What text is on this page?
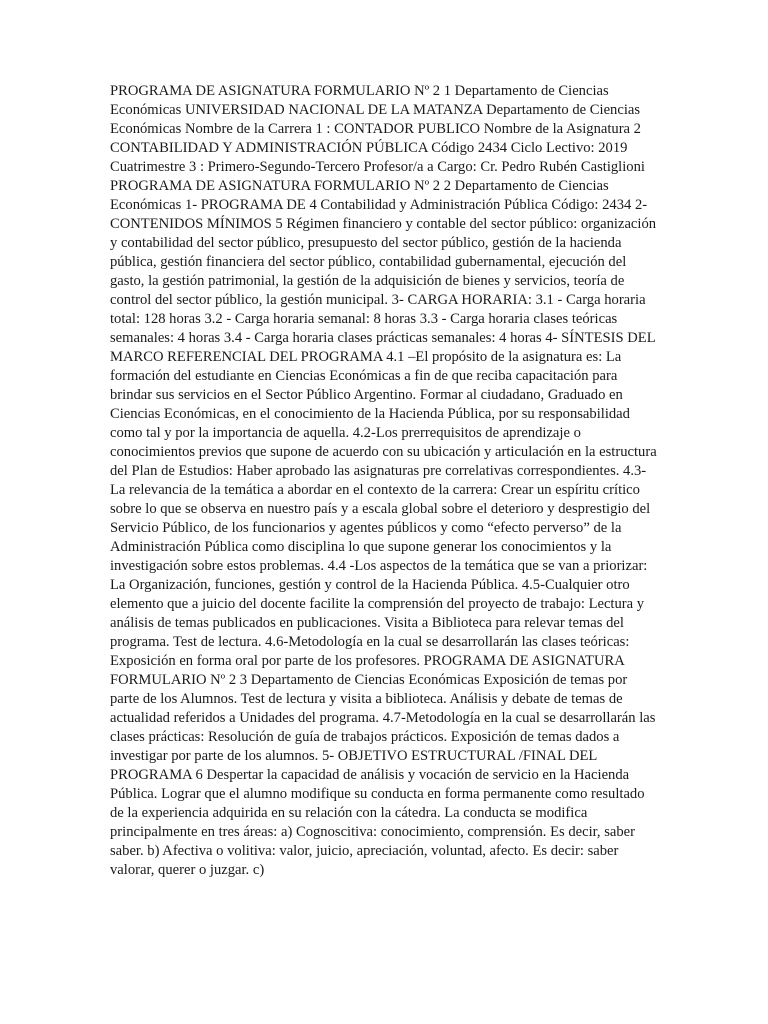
PROGRAMA DE ASIGNATURA FORMULARIO Nº 2 1 Departamento de Ciencias Económicas UNIVERSIDAD NACIONAL DE LA MATANZA Departamento de Ciencias Económicas Nombre de la Carrera 1 : CONTADOR PUBLICO Nombre de la Asignatura 2 CONTABILIDAD Y ADMINISTRACIÓN PÚBLICA Código 2434 Ciclo Lectivo: 2019 Cuatrimestre 3 : Primero-Segundo-Tercero Profesor/a a Cargo: Cr. Pedro Rubén Castiglioni PROGRAMA DE ASIGNATURA FORMULARIO Nº 2 2 Departamento de Ciencias Económicas 1- PROGRAMA DE 4 Contabilidad y Administración Pública Código: 2434 2- CONTENIDOS MÍNIMOS 5 Régimen financiero y contable del sector público: organización y contabilidad del sector público, presupuesto del sector público, gestión de la hacienda pública, gestión financiera del sector público, contabilidad gubernamental, ejecución del gasto, la gestión patrimonial, la gestión de la adquisición de bienes y servicios, teoría de control del sector público, la gestión municipal. 3- CARGA HORARIA: 3.1 - Carga horaria total: 128 horas 3.2 - Carga horaria semanal: 8 horas 3.3 - Carga horaria clases teóricas semanales: 4 horas 3.4 - Carga horaria clases prácticas semanales: 4 horas 4- SÍNTESIS DEL MARCO REFERENCIAL DEL PROGRAMA 4.1 –El propósito de la asignatura es: La formación del estudiante en Ciencias Económicas a fin de que reciba capacitación para brindar sus servicios en el Sector Público Argentino. Formar al ciudadano, Graduado en Ciencias Económicas, en el conocimiento de la Hacienda Pública, por su responsabilidad como tal y por la importancia de aquella. 4.2-Los prerrequisitos de aprendizaje o conocimientos previos que supone de acuerdo con su ubicación y articulación en la estructura del Plan de Estudios: Haber aprobado las asignaturas pre correlativas correspondientes. 4.3-La relevancia de la temática a abordar en el contexto de la carrera: Crear un espíritu crítico sobre lo que se observa en nuestro país y a escala global sobre el deterioro y desprestigio del Servicio Público, de los funcionarios y agentes públicos y como “efecto perverso” de la Administración Pública como disciplina lo que supone generar los conocimientos y la investigación sobre estos problemas. 4.4 -Los aspectos de la temática que se van a priorizar: La Organización, funciones, gestión y control de la Hacienda Pública. 4.5-Cualquier otro elemento que a juicio del docente facilite la comprensión del proyecto de trabajo: Lectura y análisis de temas publicados en publicaciones. Visita a Biblioteca para relevar temas del programa. Test de lectura. 4.6-Metodología en la cual se desarrollarán las clases teóricas: Exposición en forma oral por parte de los profesores. PROGRAMA DE ASIGNATURA FORMULARIO Nº 2 3 Departamento de Ciencias Económicas Exposición de temas por parte de los Alumnos. Test de lectura y visita a biblioteca. Análisis y debate de temas de actualidad referidos a Unidades del programa. 4.7-Metodología en la cual se desarrollarán las clases prácticas: Resolución de guía de trabajos prácticos. Exposición de temas dados a investigar por parte de los alumnos. 5- OBJETIVO ESTRUCTURAL /FINAL DEL PROGRAMA 6 Despertar la capacidad de análisis y vocación de servicio en la Hacienda Pública. Lograr que el alumno modifique su conducta en forma permanente como resultado de la experiencia adquirida en su relación con la cátedra. La conducta se modifica principalmente en tres áreas: a) Cognoscitiva: conocimiento, comprensión. Es decir, saber saber. b) Afectiva o volitiva: valor, juicio, apreciación, voluntad, afecto. Es decir: saber valorar, querer o juzgar. c)
